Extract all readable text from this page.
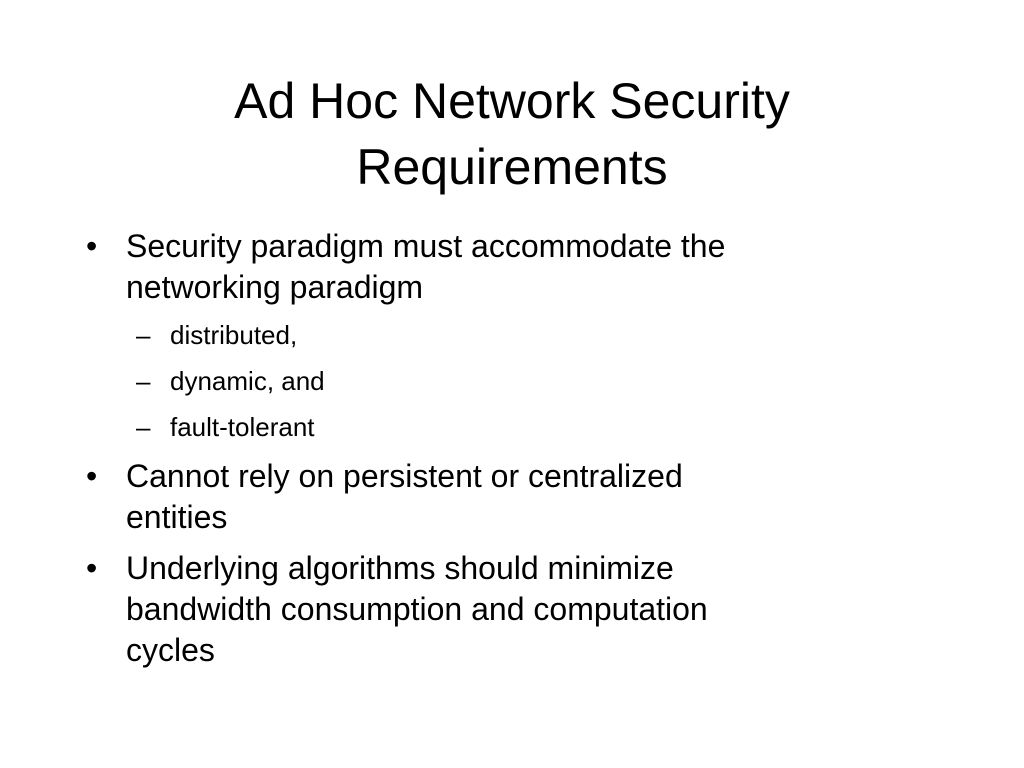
Ad Hoc Network Security
Requirements
• Security paradigm must accommodate the
networking paradigm
– distributed,
– dynamic, and
– fault-tolerant
• Cannot rely on persistent or centralized
entities
• Underlying algorithms should minimize
bandwidth consumption and computation
cycles
